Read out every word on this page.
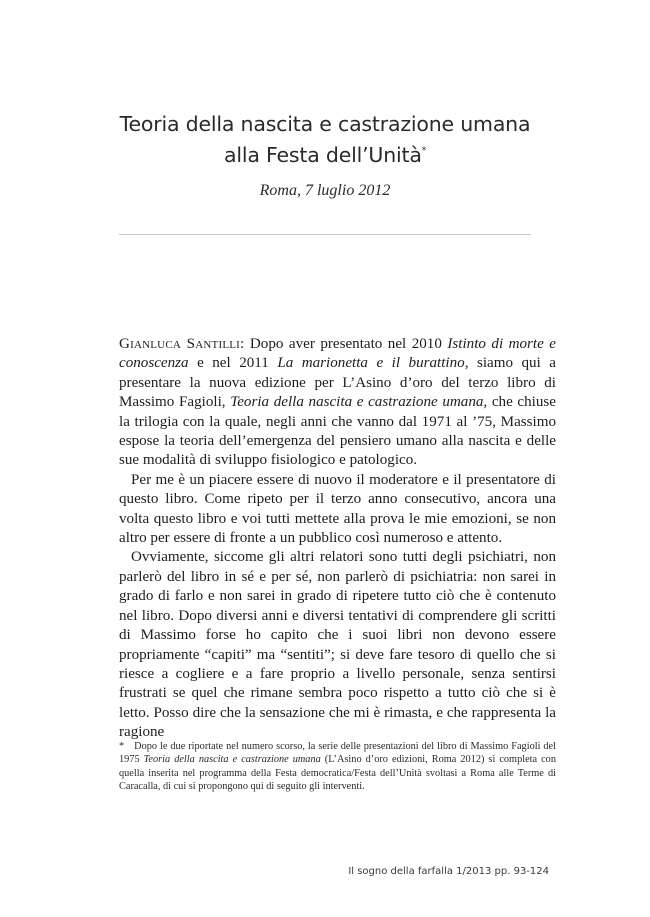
Teoria della nascita e castrazione umana
alla Festa dell’Unità*
Roma, 7 luglio 2012

Gianluca Santilli: Dopo aver presentato nel 2010 Istinto di morte e conoscenza e nel 2011 La marionetta e il burattino, siamo qui a presentare la nuova edizione per L’Asino d’oro del terzo libro di Massimo Fagioli, Teoria della nascita e castrazione umana, che chiuse la trilogia con la quale, negli anni che vanno dal 1971 al ’75, Massimo espose la teoria dell’emergenza del pensiero umano alla nascita e delle sue modalità di sviluppo fisiologico e patologico.

Per me è un piacere essere di nuovo il moderatore e il presentatore di questo libro. Come ripeto per il terzo anno consecutivo, ancora una volta questo libro e voi tutti mettete alla prova le mie emozioni, se non altro per essere di fronte a un pubblico così numeroso e attento.

Ovviamente, siccome gli altri relatori sono tutti degli psichiatri, non parlerò del libro in sé e per sé, non parlerò di psichiatria: non sarei in grado di farlo e non sarei in grado di ripetere tutto ciò che è contenuto nel libro. Dopo diversi anni e diversi tentativi di comprendere gli scritti di Massimo forse ho capito che i suoi libri non devono essere propriamente “capiti” ma “sentiti”; si deve fare tesoro di quello che si riesce a cogliere e a fare proprio a livello personale, senza sentirsi frustrati se quel che rimane sembra poco rispetto a tutto ciò che si è letto. Posso dire che la sensazione che mi è rimasta, e che rappresenta la ragione

* Dopo le due riportate nel numero scorso, la serie delle presentazioni del libro di Massimo Fagioli del 1975 Teoria della nascita e castrazione umana (L’Asino d’oro edizioni, Roma 2012) si completa con quella inserita nel programma della Festa democratica/Festa dell’Unità svoltasi a Roma alle Terme di Caracalla, di cui si propongono qui di seguito gli interventi.
Il sogno della farfalla 1/2013 pp. 93-124
